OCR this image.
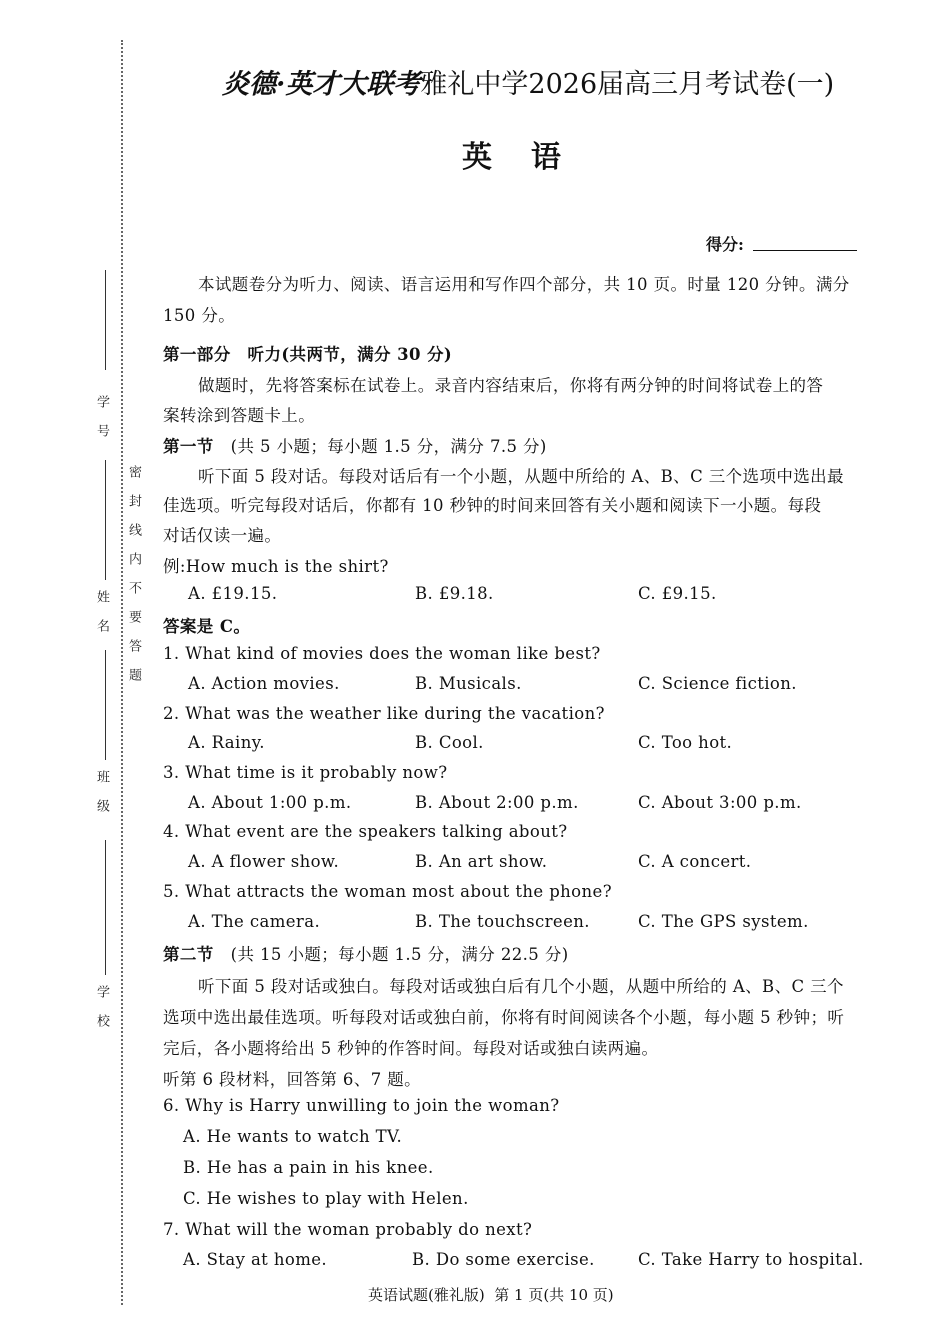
密封线内不要答题
学 号
姓 名
班 级
学 校
炎德·英才大联考雅礼中学2026届高三月考试卷(一)
英  语
得分:
本试题卷分为听力、阅读、语言运用和写作四个部分，共 10 页。时量 120 分钟。满分
150 分。
第一部分 听力(共两节，满分 30 分)
做题时，先将答案标在试卷上。录音内容结束后，你将有两分钟的时间将试卷上的答
案转涂到答题卡上。
第一节 (共 5 小题；每小题 1.5 分，满分 7.5 分)
听下面 5 段对话。每段对话后有一个小题，从题中所给的 A、B、C 三个选项中选出最
佳选项。听完每段对话后，你都有 10 秒钟的时间来回答有关小题和阅读下一小题。每段
对话仅读一遍。
例:How much is the shirt?
A. £19.15.	B. £9.18.	C. £9.15.
答案是 C。
1. What kind of movies does the woman like best?
A. Action movies.	B. Musicals.	C. Science fiction.
2. What was the weather like during the vacation?
A. Rainy.	B. Cool.	C. Too hot.
3. What time is it probably now?
A. About 1:00 p.m.	B. About 2:00 p.m.	C. About 3:00 p.m.
4. What event are the speakers talking about?
A. A flower show.	B. An art show.	C. A concert.
5. What attracts the woman most about the phone?
A. The camera.	B. The touchscreen.	C. The GPS system.
第二节 (共 15 小题；每小题 1.5 分，满分 22.5 分)
听下面 5 段对话或独白。每段对话或独白后有几个小题，从题中所给的 A、B、C 三个
选项中选出最佳选项。听每段对话或独白前，你将有时间阅读各个小题，每小题 5 秒钟；听
完后，各小题将给出 5 秒钟的作答时间。每段对话或独白读两遍。
听第 6 段材料，回答第 6、7 题。
6. Why is Harry unwilling to join the woman?
A. He wants to watch TV.
B. He has a pain in his knee.
C. He wishes to play with Helen.
7. What will the woman probably do next?
A. Stay at home.	B. Do some exercise.	C. Take Harry to hospital.
英语试题(雅礼版)  第 1 页(共 10 页)
